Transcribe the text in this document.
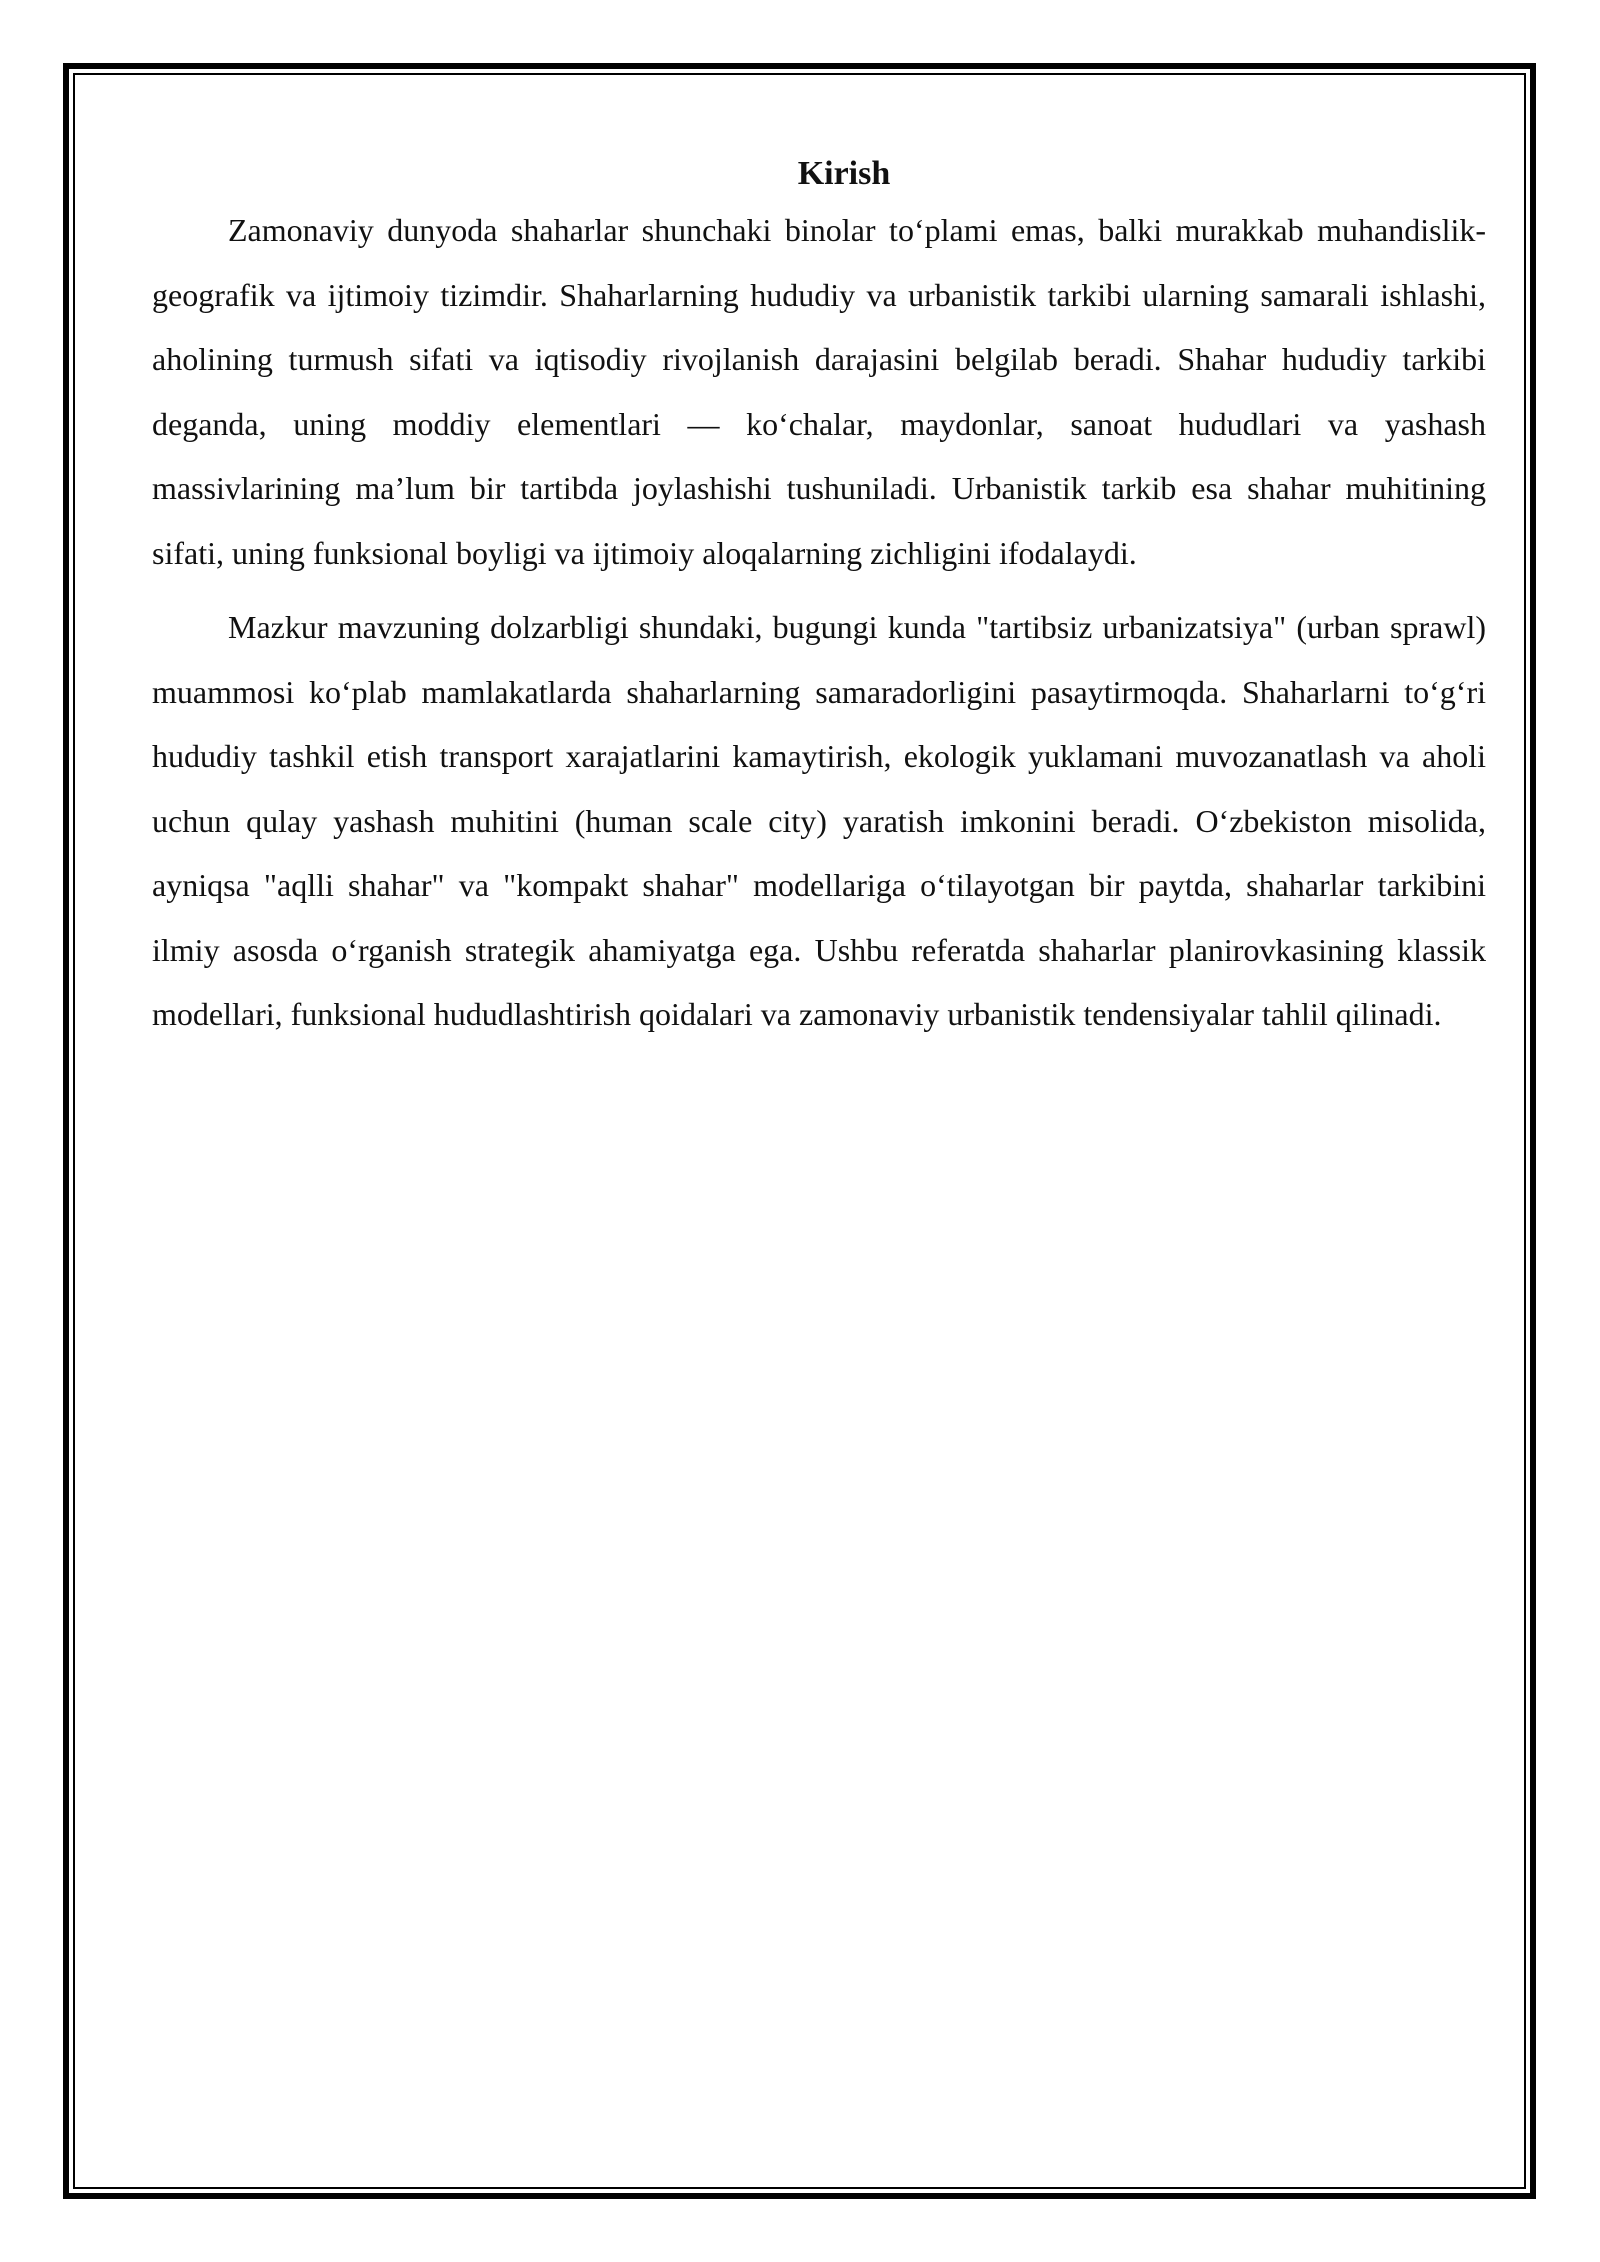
Kirish

Zamonaviy dunyoda shaharlar shunchaki binolar to‘plami emas, balki murakkab muhandislik-geografik va ijtimoiy tizimdir. Shaharlarning hududiy va urbanistik tarkibi ularning samarali ishlashi, aholining turmush sifati va iqtisodiy rivojlanish darajasini belgilab beradi. Shahar hududiy tarkibi deganda, uning moddiy elementlari — ko‘chalar, maydonlar, sanoat hududlari va yashash massivlarining ma’lum bir tartibda joylashishi tushuniladi. Urbanistik tarkib esa shahar muhitining sifati, uning funksional boyligi va ijtimoiy aloqalarning zichligini ifodalaydi.

Mazkur mavzuning dolzarbligi shundaki, bugungi kunda "tartibsiz urbanizatsiya" (urban sprawl) muammosi ko‘plab mamlakatlarda shaharlarning samaradorligini pasaytirmoqda. Shaharlarni to‘g‘ri hududiy tashkil etish transport xarajatlarini kamaytirish, ekologik yuklamani muvozanatlash va aholi uchun qulay yashash muhitini (human scale city) yaratish imkonini beradi. O‘zbekiston misolida, ayniqsa "aqlli shahar" va "kompakt shahar" modellariga o‘tilayotgan bir paytda, shaharlar tarkibini ilmiy asosda o‘rganish strategik ahamiyatga ega. Ushbu referatda shaharlar planirovkasining klassik modellari, funksional hududlashtirish qoidalari va zamonaviy urbanistik tendensiyalar tahlil qilinadi.
